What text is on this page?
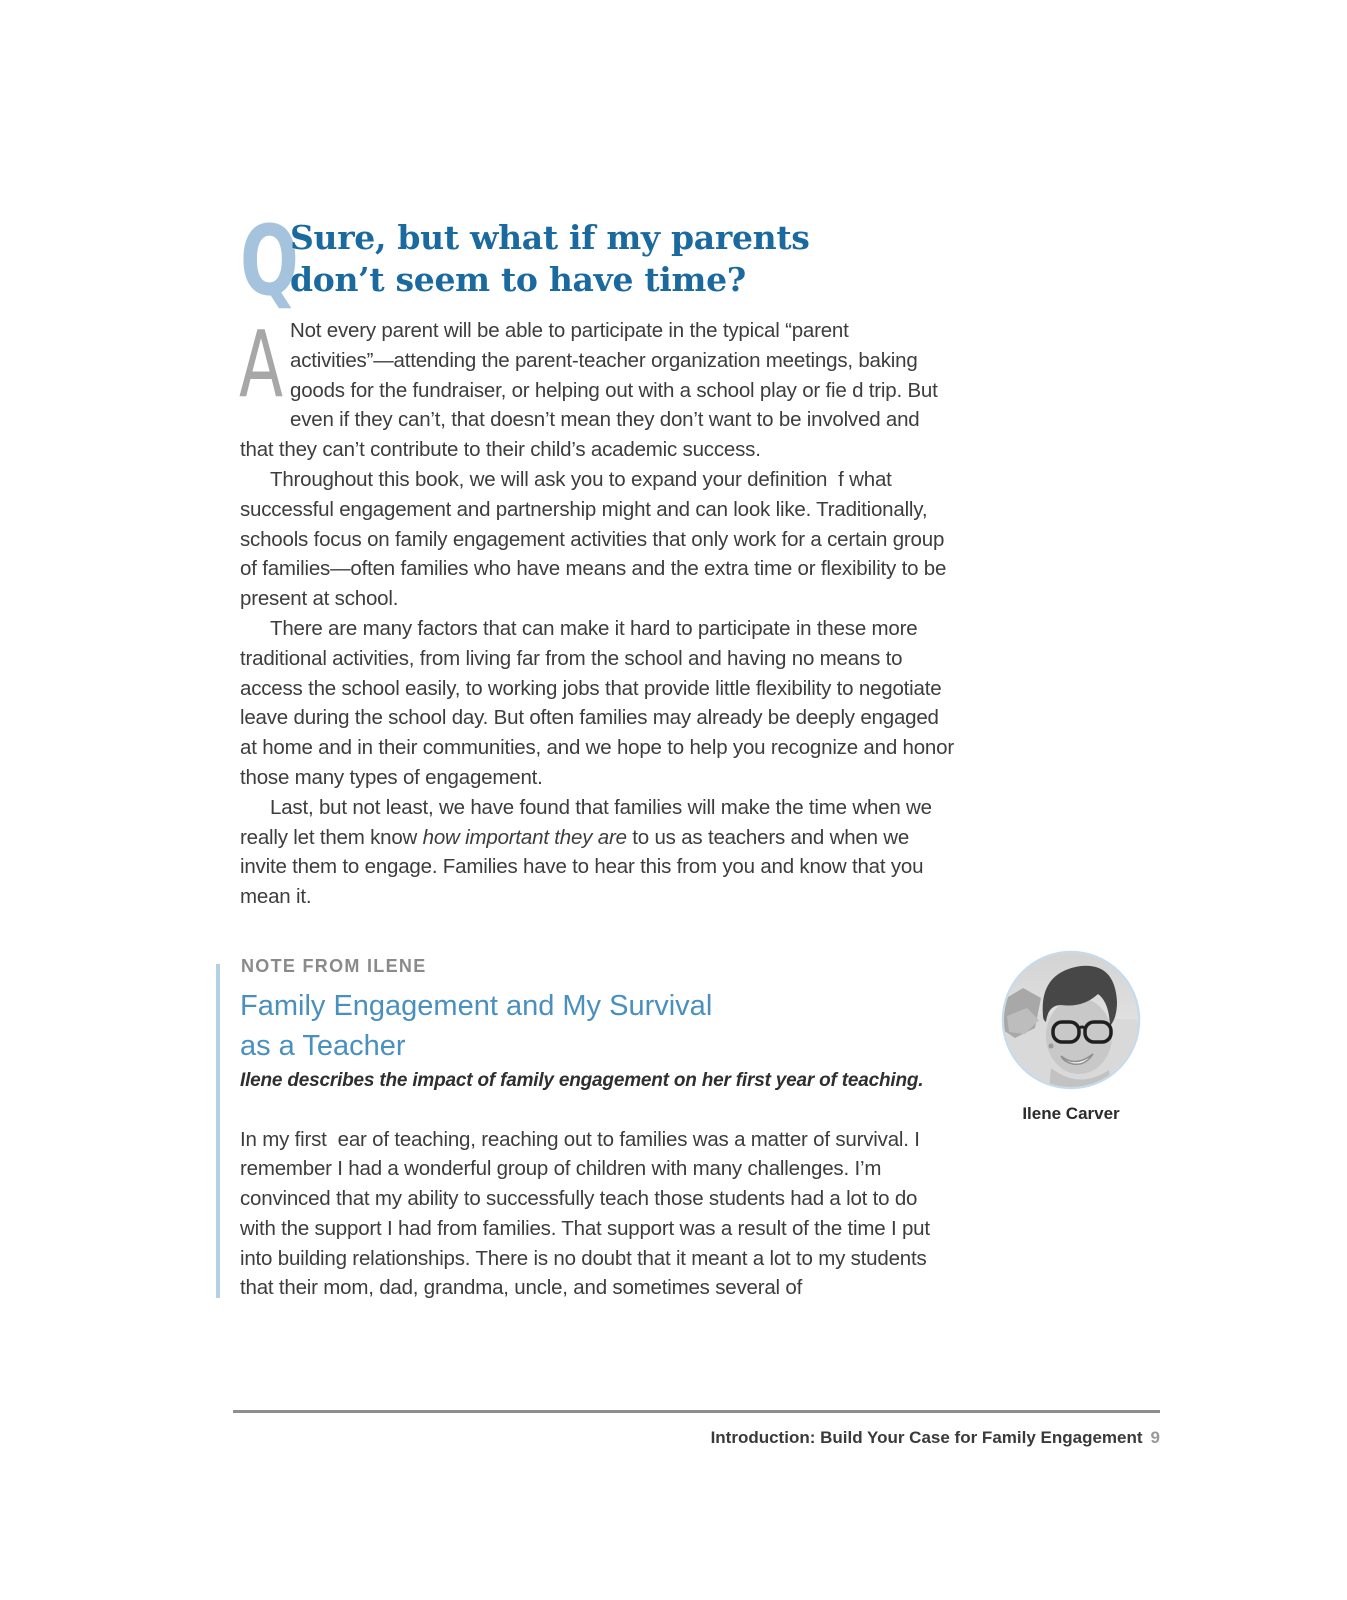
Q
Sure, but what if my parents
don’t seem to have time?
A Not every parent will be able to participate in the typical “parent activities”—attending the parent-teacher organization meetings, baking goods for the fundraiser, or helping out with a school play or fie d trip. But even if they can’t, that doesn’t mean they don’t want to be involved and that they can’t contribute to their child’s academic success.

Throughout this book, we will ask you to expand your definition  f what successful engagement and partnership might and can look like. Traditionally, schools focus on family engagement activities that only work for a certain group of families—often families who have means and the extra time or flexibility to be present at school.

There are many factors that can make it hard to participate in these more traditional activities, from living far from the school and having no means to access the school easily, to working jobs that provide little flexibility to negotiate leave during the school day. But often families may already be deeply engaged at home and in their communities, and we hope to help you recognize and honor those many types of engagement.

Last, but not least, we have found that families will make the time when we really let them know how important they are to us as teachers and when we invite them to engage. Families have to hear this from you and know that you mean it.

NOTE FROM ILENE
Family Engagement and My Survival
as a Teacher
Ilene describes the impact of family engagement on her first year of teaching.

In my first  ear of teaching, reaching out to families was a matter of survival. I remember I had a wonderful group of children with many challenges. I’m convinced that my ability to successfully teach those students had a lot to do with the support I had from families. That support was a result of the time I put into building relationships. There is no doubt that it meant a lot to my students that their mom, dad, grandma, uncle, and sometimes several of

Ilene Carver
Introduction: Build Your Case for Family Engagement 9
